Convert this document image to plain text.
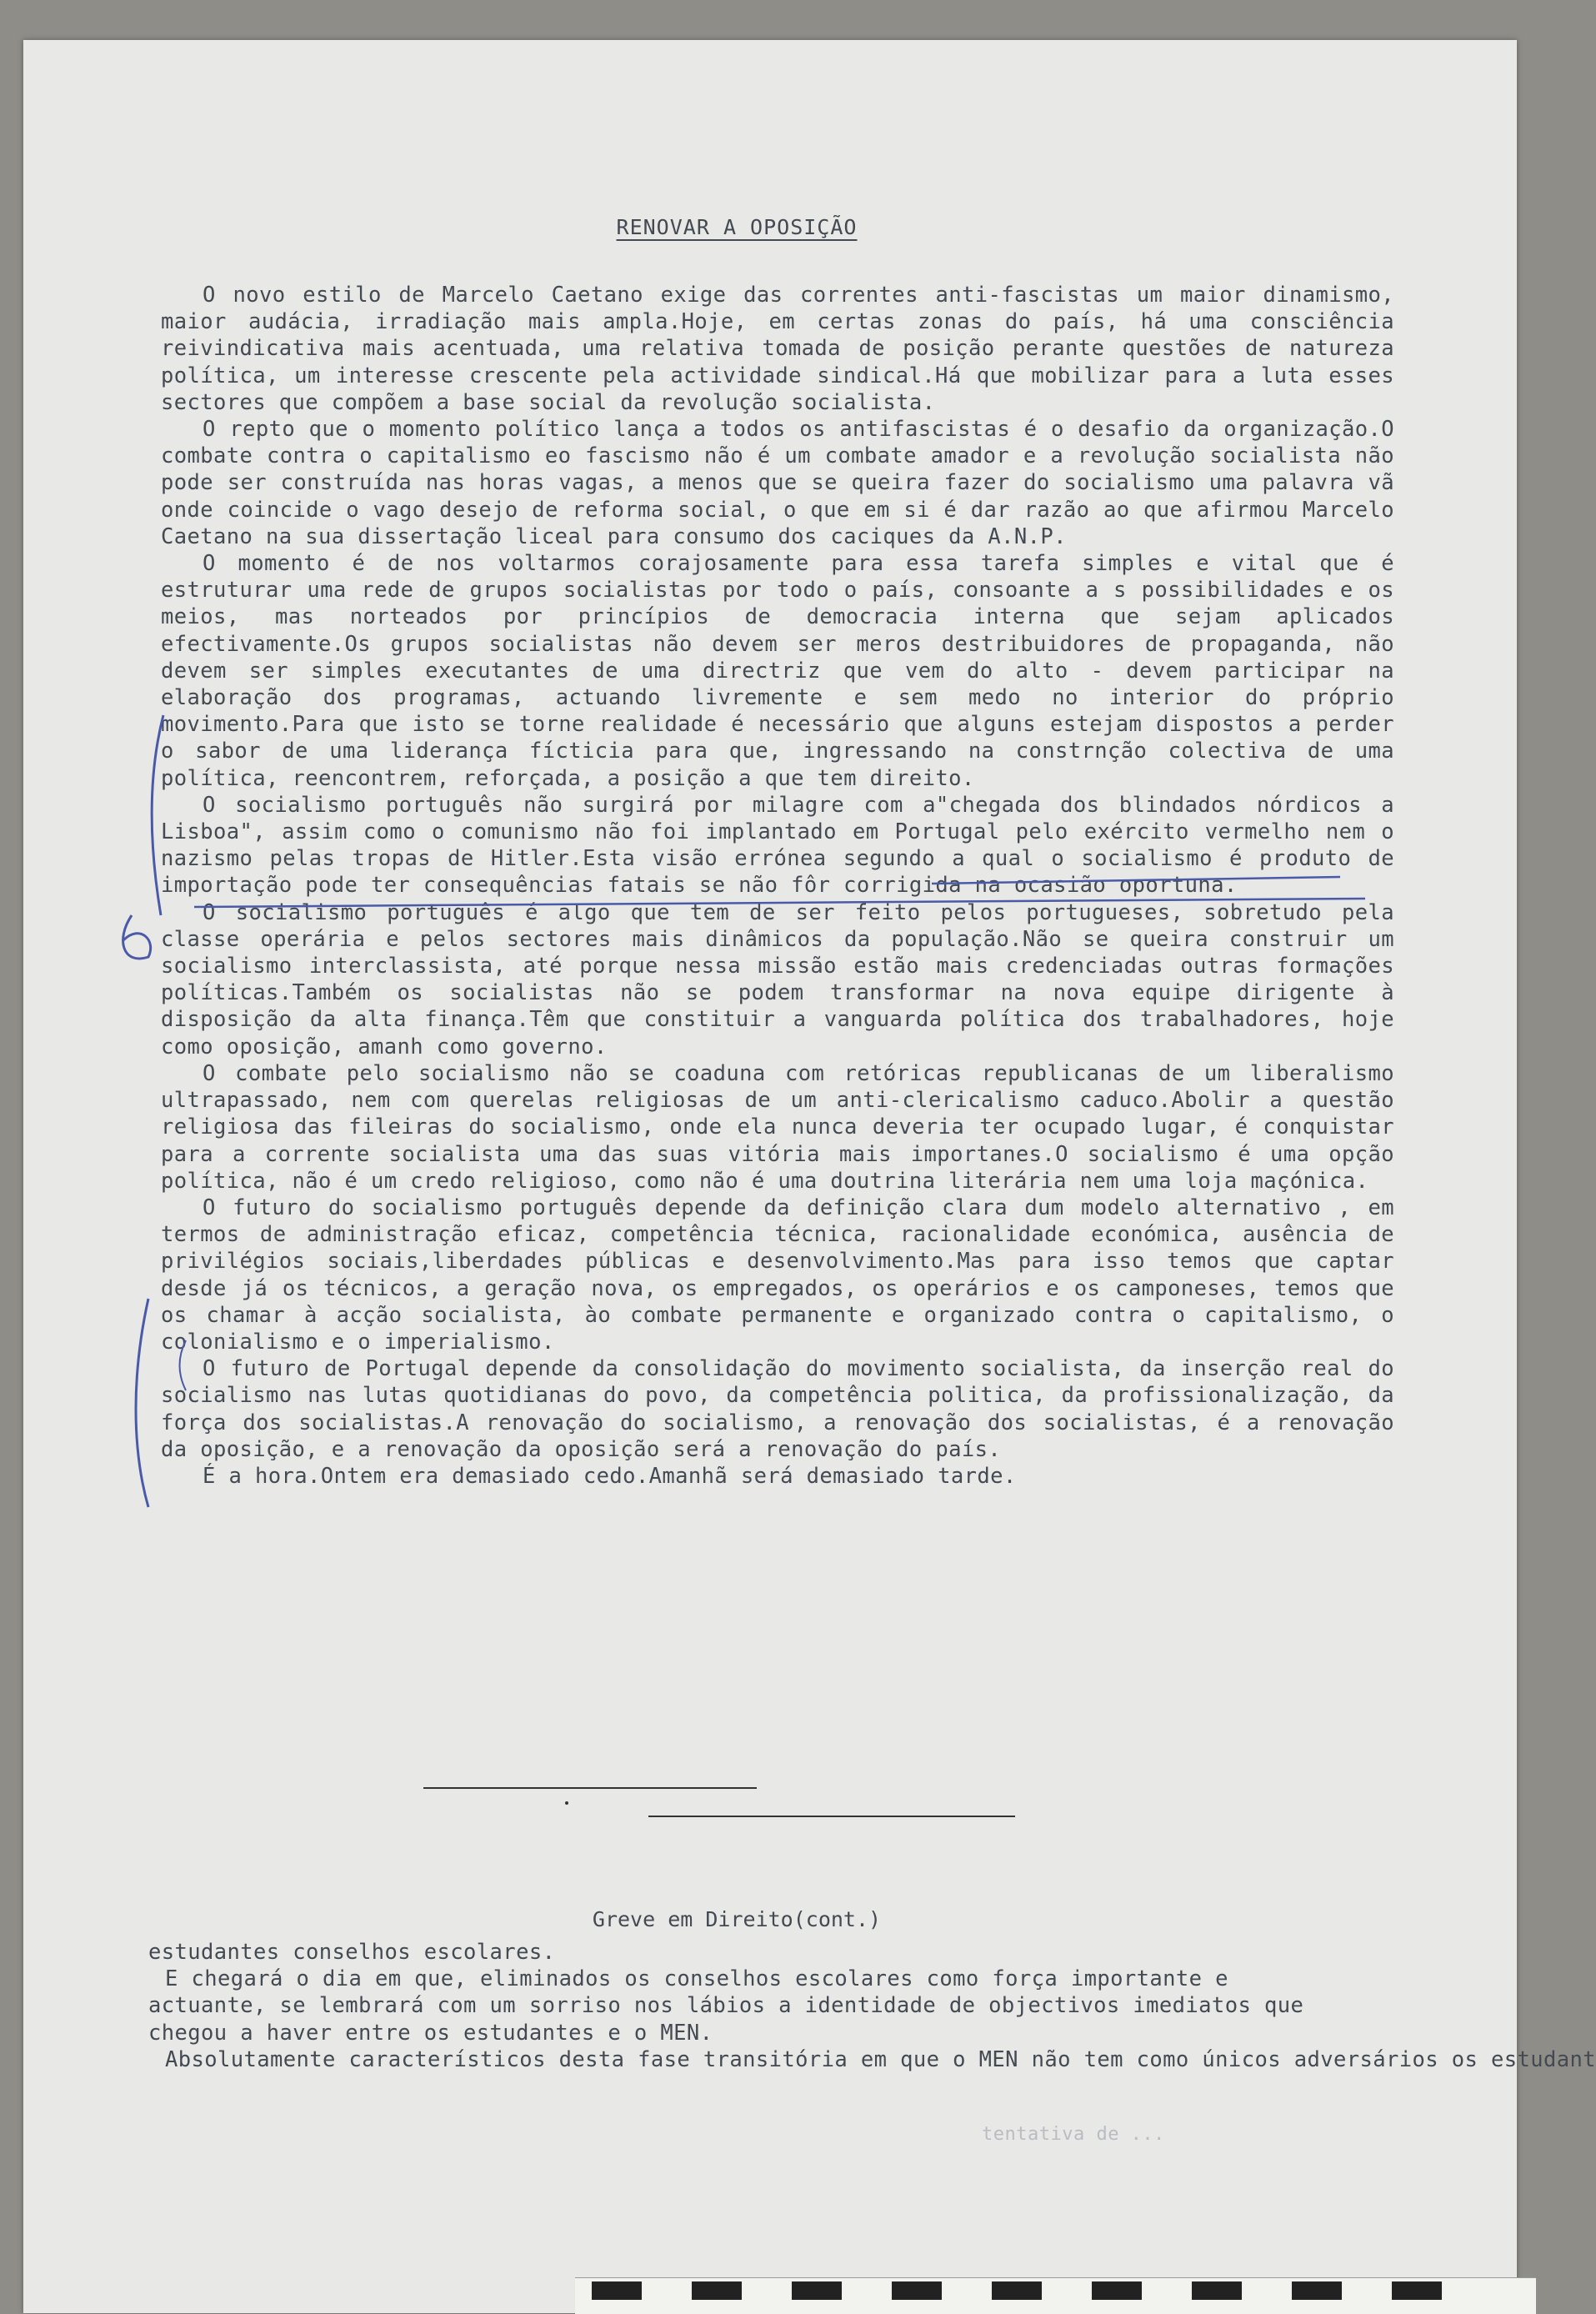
RENOVAR A OPOSIÇÃO

O novo estilo de Marcelo Caetano exige das correntes anti-fascistas um maior dinamismo, maior audácia, irradiação mais ampla.Hoje, em certas zonas do país, há uma consciência reivindicativa mais acentuada, uma relativa tomada de posição perante questões de natureza política, um interesse crescente pela actividade sindical.Há que mobilizar para a luta esses sectores que compõem a base social da revolução socialista.

O repto que o momento político lança a todos os antifascistas é o desafio da organização.O combate contra o capitalismo eo fascismo não é um combate amador e a revolução socialista não pode ser construída nas horas vagas, a menos que se queira fazer do socialismo uma palavra vã onde coincide o vago desejo de reforma social, o que em si é dar razão ao que afirmou Marcelo Caetano na sua dissertação liceal para consumo dos caciques da A.N.P.

O momento é de nos voltarmos corajosamente para essa tarefa simples e vital que é estruturar uma rede de grupos socialistas por todo o país, consoante a s possibilidades e os meios, mas norteados por princípios de democracia interna que sejam aplicados efectivamente.Os grupos socialistas não devem ser meros destribuidores de propaganda, não devem ser simples executantes de uma directriz que vem do alto - devem participar na elaboração dos programas, actuando livremente e sem medo no interior do próprio movimento.Para que isto se torne realidade é necessário que alguns estejam dispostos a perder o sabor de uma liderança fícticia para que, ingressando na constrnção colectiva de uma política, reencontrem, reforçada, a posição a que tem direito.

O socialismo português não surgirá por milagre com a"chegada dos blindados nórdicos a Lisboa", assim como o comunismo não foi implantado em Portugal pelo exército vermelho nem o nazismo pelas tropas de Hitler.Esta visão errónea segundo a qual o socialismo é produto de importação pode ter consequências fatais se não fôr corrigida na ocasião oportuna.

O socialismo português é algo que tem de ser feito pelos portugueses, sobretudo pela classe operária e pelos sectores mais dinâmicos da população.Não se queira construir um socialismo interclassista, até porque nessa missão estão mais credenciadas outras formações políticas.Também os socialistas não se podem transformar na nova equipe dirigente à disposição da alta finança.Têm que constituir a vanguarda política dos trabalhadores, hoje como oposição, amanh como governo.

O combate pelo socialismo não se coaduna com retóricas republicanas de um liberalismo ultrapassado, nem com querelas religiosas de um anti-clericalismo caduco.Abolir a questão religiosa das fileiras do socialismo, onde ela nunca deveria ter ocupado lugar, é conquistar para a corrente socialista uma das suas vitória mais importanes.O socialismo é uma opção política, não é um credo religioso, como não é uma doutrina literária nem uma loja maçónica.

O futuro do socialismo português depende da definição clara dum modelo alternativo , em termos de administração eficaz, competência técnica, racionalidade económica, ausência de privilégios sociais,liberdades públicas e desenvolvimento.Mas para isso temos que captar desde já os técnicos, a geração nova, os empregados, os operários e os camponeses, temos que os chamar à acção socialista, ào combate permanente e organizado contra o capitalismo, o colonialismo e o imperialismo.

O futuro de Portugal depende da consolidação do movimento socialista, da inserção real do socialismo nas lutas quotidianas do povo, da competência politica, da profissionalização, da força dos socialistas.A renovação do socialismo, a renovação dos socialistas, é a renovação da oposição, e a renovação da oposição será a renovação do país.

É a hora.Ontem era demasiado cedo.Amanhã será demasiado tarde.

Greve em Direito(cont.)

estudantes conselhos escolares.

E chegará o dia em que, eliminados os conselhos escolares como força importante e actuante, se lembrará com um sorriso nos lábios a identidade de objectivos imediatos que chegou a haver entre os estudantes e o MEN.

Absolutamente característicos desta fase transitória em que o MEN não tem como únicos adversários os estudant

tentativa de ...
